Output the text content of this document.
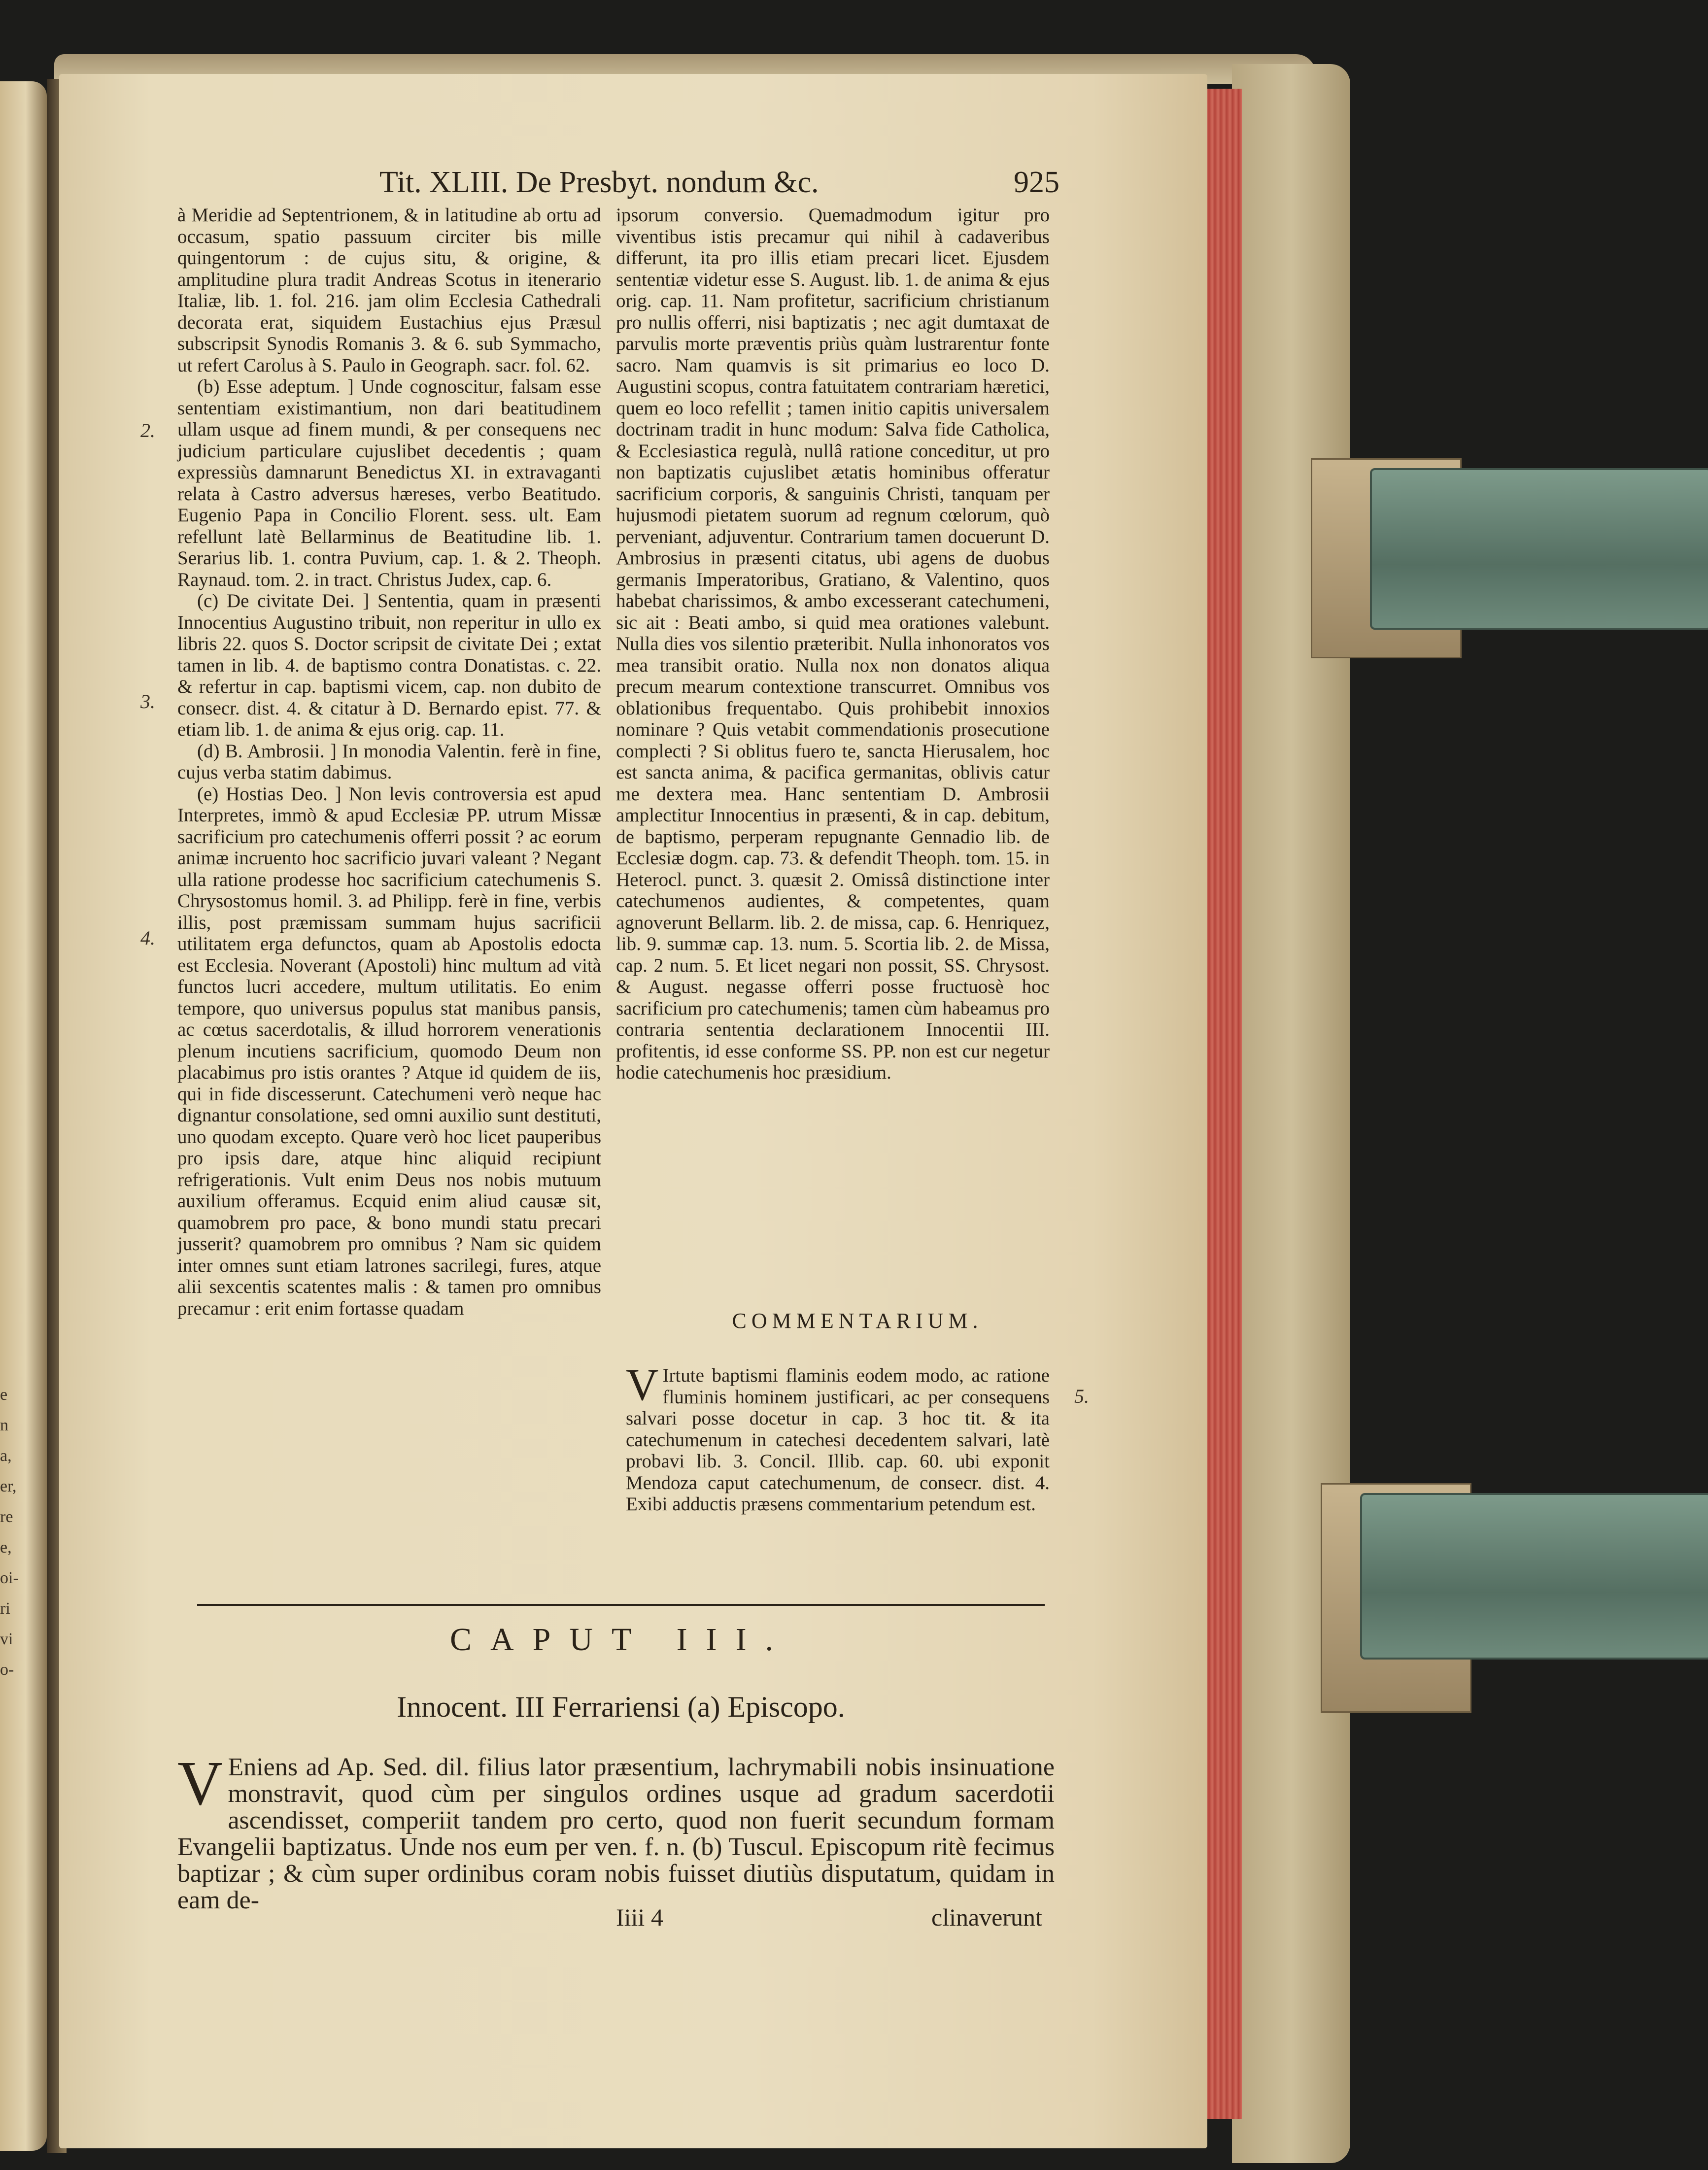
e
n
a,
er,
re
e,
oi-
ri
vi
o-
Tit. XLIII. De Presbyt. nondum &c.	925
2.
3.
4.
5.

à Meridie ad Septentrionem, & in latitudine ab ortu ad occasum, spatio passuum circiter bis mille quingentorum : de cujus situ, & origine, & amplitudine plura tradit Andreas Scotus in itenerario Italiæ, lib. 1. fol. 216. jam olim Ecclesia Cathedrali decorata erat, siquidem Eustachius ejus Præsul subscripsit Synodis Romanis 3. & 6. sub Symmacho, ut refert Carolus à S. Paulo in Geograph. sacr. fol. 62.

(b) Esse adeptum. ] Unde cognoscitur, falsam esse sententiam existimantium, non dari beatitudinem ullam usque ad finem mundi, & per consequens nec judicium particulare cujuslibet decedentis ; quam expressiùs damnarunt Benedictus XI. in extravaganti relata à Castro adversus hæreses, verbo Beatitudo. Eugenio Papa in Concilio Florent. sess. ult. Eam refellunt latè Bellarminus de Beatitudine lib. 1. Serarius lib. 1. contra Puvium, cap. 1. & 2. Theoph. Raynaud. tom. 2. in tract. Christus Judex, cap. 6.

(c) De civitate Dei. ] Sententia, quam in præsenti Innocentius Augustino tribuit, non reperitur in ullo ex libris 22. quos S. Doctor scripsit de civitate Dei ; extat tamen in lib. 4. de baptismo contra Donatistas. c. 22. & refertur in cap. baptismi vicem, cap. non dubito de consecr. dist. 4. & citatur à D. Bernardo epist. 77. & etiam lib. 1. de anima & ejus orig. cap. 11.

(d) B. Ambrosii. ] In monodia Valentin. ferè in fine, cujus verba statim dabimus.

(e) Hostias Deo. ] Non levis controversia est apud Interpretes, immò & apud Ecclesiæ PP. utrum Missæ sacrificium pro catechumenis offerri possit ? ac eorum animæ incruento hoc sacrificio juvari valeant ? Negant ulla ratione prodesse hoc sacrificium catechumenis S. Chrysostomus homil. 3. ad Philipp. ferè in fine, verbis illis, post præmissam summam hujus sacrificii utilitatem erga defunctos, quam ab Apostolis edocta est Ecclesia. Noverant (Apostoli) hinc multum ad vità functos lucri accedere, multum utilitatis. Eo enim tempore, quo universus populus stat manibus pansis, ac cœtus sacerdotalis, & illud horrorem venerationis plenum incutiens sacrificium, quomodo Deum non placabimus pro istis orantes ? Atque id quidem de iis, qui in fide discesserunt. Catechumeni verò neque hac dignantur consolatione, sed omni auxilio sunt destituti, uno quodam excepto. Quare verò hoc licet pauperibus pro ipsis dare, atque hinc aliquid recipiunt refrigerationis. Vult enim Deus nos nobis mutuum auxilium offeramus. Ecquid enim aliud causæ sit, quamobrem pro pace, & bono mundi statu precari jusserit? quamobrem pro omnibus ? Nam sic quidem inter omnes sunt etiam latrones sacrilegi, fures, atque alii sexcentis scatentes malis : & tamen pro omnibus precamur : erit enim fortasse quadam

ipsorum conversio. Quemadmodum igitur pro viventibus istis precamur qui nihil à cadaveribus differunt, ita pro illis etiam precari licet. Ejusdem sententiæ videtur esse S. August. lib. 1. de anima & ejus orig. cap. 11. Nam profitetur, sacrificium christianum pro nullis offerri, nisi baptizatis ; nec agit dumtaxat de parvulis morte præventis priùs quàm lustrarentur fonte sacro. Nam quamvis is sit primarius eo loco D. Augustini scopus, contra fatuitatem contrariam hæretici, quem eo loco refellit ; tamen initio capitis universalem doctrinam tradit in hunc modum: Salva fide Catholica, & Ecclesiastica regulà, nullâ ratione conceditur, ut pro non baptizatis cujuslibet ætatis hominibus offeratur sacrificium corporis, & sanguinis Christi, tanquam per hujusmodi pietatem suorum ad regnum cœlorum, quò perveniant, adjuventur. Contrarium tamen docuerunt D. Ambrosius in præsenti citatus, ubi agens de duobus germanis Imperatoribus, Gratiano, & Valentino, quos habebat charissimos, & ambo excesserant catechumeni, sic ait : Beati ambo, si quid mea orationes valebunt. Nulla dies vos silentio præteribit. Nulla inhonoratos vos mea transibit oratio. Nulla nox non donatos aliqua precum mearum contextione transcurret. Omnibus vos oblationibus frequentabo. Quis prohibebit innoxios nominare ? Quis vetabit commendationis prosecutione complecti ? Si oblitus fuero te, sancta Hierusalem, hoc est sancta anima, & pacifica germanitas, oblivis catur me dextera mea. Hanc sententiam D. Ambrosii amplectitur Innocentius in præsenti, & in cap. debitum, de baptismo, perperam repugnante Gennadio lib. de Ecclesiæ dogm. cap. 73. & defendit Theoph. tom. 15. in Heterocl. punct. 3. quæsit 2. Omissâ distinctione inter catechumenos audientes, & competentes, quam agnoverunt Bellarm. lib. 2. de missa, cap. 6. Henriquez, lib. 9. summæ cap. 13. num. 5. Scortia lib. 2. de Missa, cap. 2 num. 5. Et licet negari non possit, SS. Chrysost. & August. negasse offerri posse fructuosè hoc sacrificium pro catechumenis; tamen cùm habeamus pro contraria sententia declarationem Innocentii III. profitentis, id esse conforme SS. PP. non est cur negetur hodie catechumenis hoc præsidium.

COMMENTARIUM.
V Irtute baptismi flaminis eodem modo, ac ratione fluminis hominem justificari, ac per consequens salvari posse docetur in cap. 3 hoc tit. & ita catechumenum in catechesi decedentem salvari, latè probavi lib. 3. Concil. Illib. cap. 60. ubi exponit Mendoza caput catechumenum, de consecr. dist. 4. Exibi adductis præsens commentarium petendum est.
CAPUT III.
Innocent. III Ferrariensi (a) Episcopo.
V Eniens ad Ap. Sed. dil. filius lator præsentium, lachrymabili nobis insinuatione monstravit, quod cùm per singulos ordines usque ad gradum sacerdotii ascendisset, comperiit tandem pro certo, quod non fuerit secundum formam Evangelii baptizatus. Unde nos eum per ven. f. n. (b) Tuscul. Episcopum ritè fecimus baptizar ; & cùm super ordinibus coram nobis fuisset diutiùs disputatum, quidam in eam de-
Iiii 4	clinaverunt
